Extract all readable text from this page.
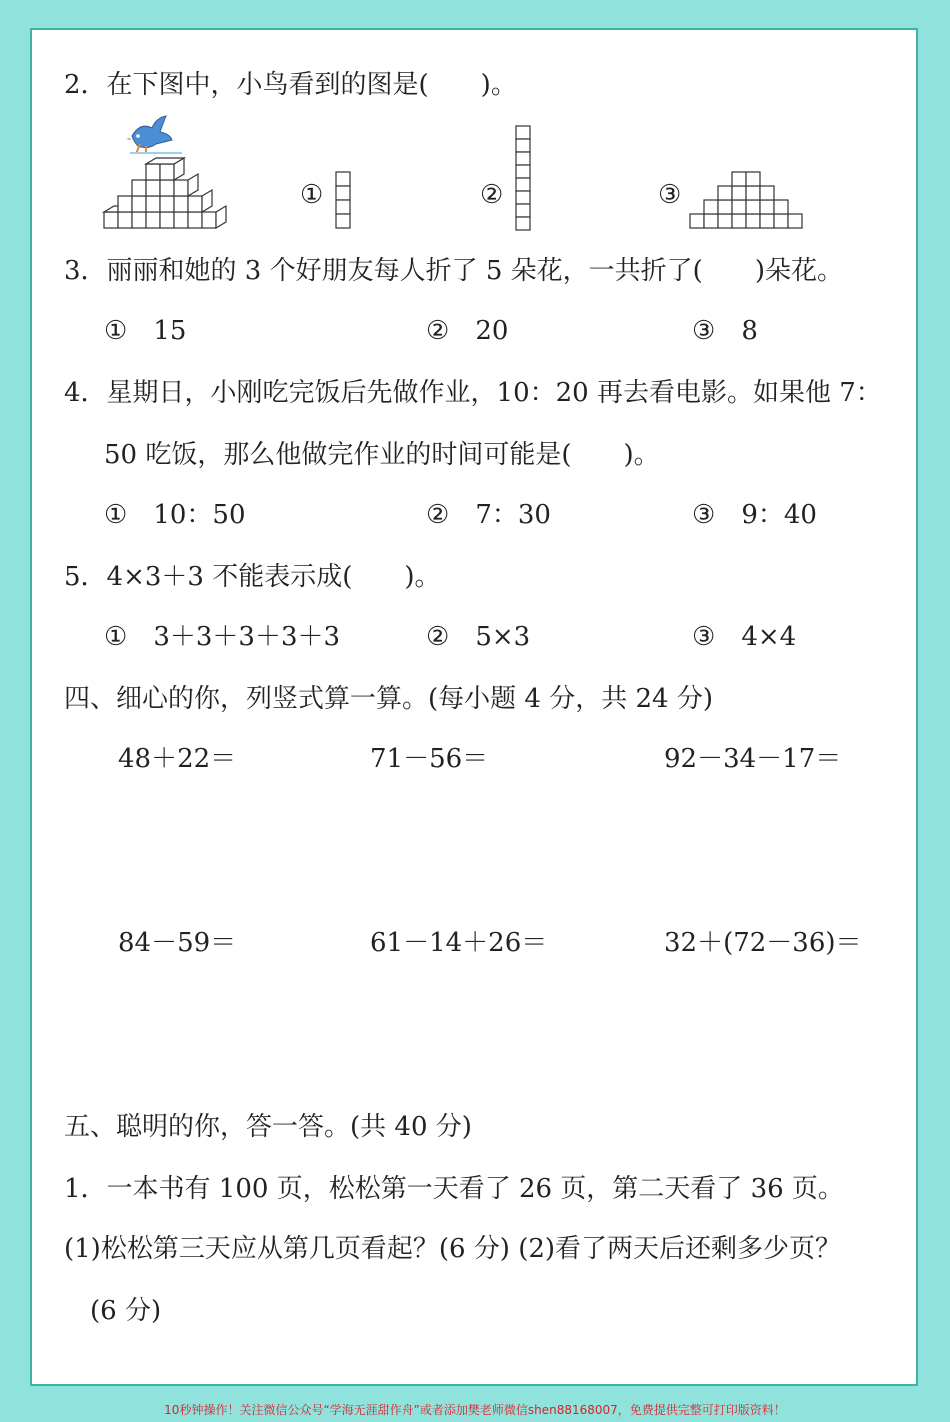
2．在下图中，小鸟看到的图是(　　)。
①	②	③
3．丽丽和她的 3 个好朋友每人折了 5 朵花，一共折了(　　)朵花。
①　 15	②　 20	③　 8
4．星期日，小刚吃完饭后先做作业，10：20 再去看电影。如果他 7：
50 吃饭，那么他做完作业的时间可能是(　　)。
①　 10：50	②　 7：30	③　 9：40
5．4×3＋3 不能表示成(　　)。
①　 3＋3＋3＋3＋3	②　 5×3	③　 4×4
四、细心的你，列竖式算一算。(每小题 4 分，共 24 分)
48＋22＝	71－56＝	92－34－17＝
84－59＝	61－14＋26＝	32＋(72－36)＝
五、聪明的你，答一答。(共 40 分)
1．一本书有 100 页，松松第一天看了 26 页，第二天看了 36 页。
(1)松松第三天应从第几页看起？(6 分) (2)看了两天后还剩多少页？
(6 分)
10秒钟操作！关注微信公众号“学海无涯甜作舟”或者添加樊老师微信shen88168007，免费提供完整可打印版资料！
